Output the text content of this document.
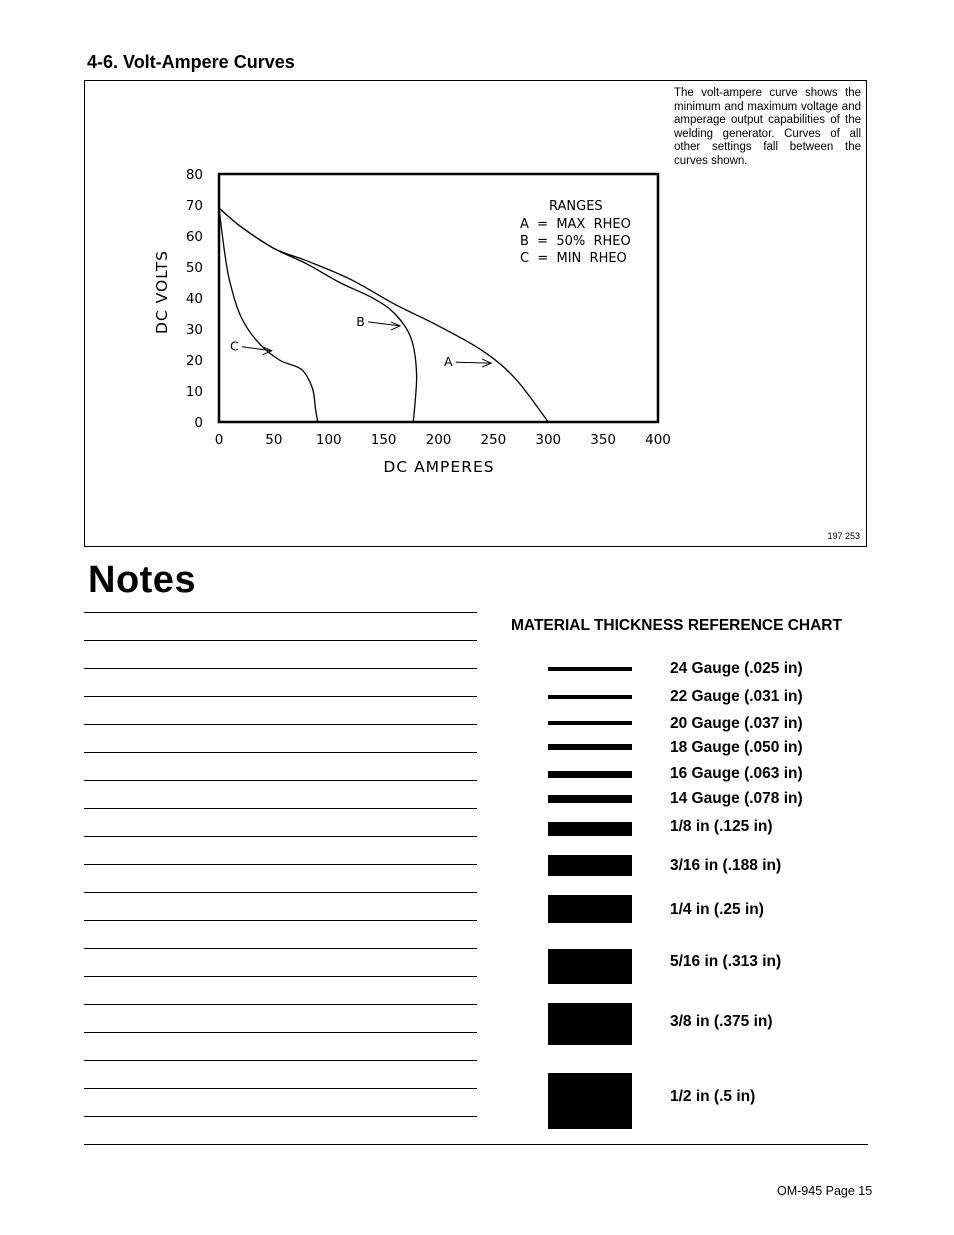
4-6. Volt-Ampere Curves

The volt-ampere curve shows the minimum and maximum voltage and amperage output capabilities of the welding generator. Curves of all other settings fall between the curves shown.

0
10
20
30
40
50
60
70
80
0	50 100 150 200 250 300 350 400
DC AMPERES
DC VOLTS
A
B
C
RANGES
A  =  MAX  RHEO
B  =  50%  RHEO
C  =  MIN  RHEO
197 253
Notes
MATERIAL THICKNESS REFERENCE CHART
24 Gauge (.025 in)
22 Gauge (.031 in)
20 Gauge (.037 in)
18 Gauge (.050 in)
16 Gauge (.063 in)
14 Gauge (.078 in)
1/8 in (.125 in)
3/16 in (.188 in)
1/4 in (.25 in)
5/16 in (.313 in)
3/8 in (.375 in)
1/2 in (.5 in)
OM-945 Page 15
